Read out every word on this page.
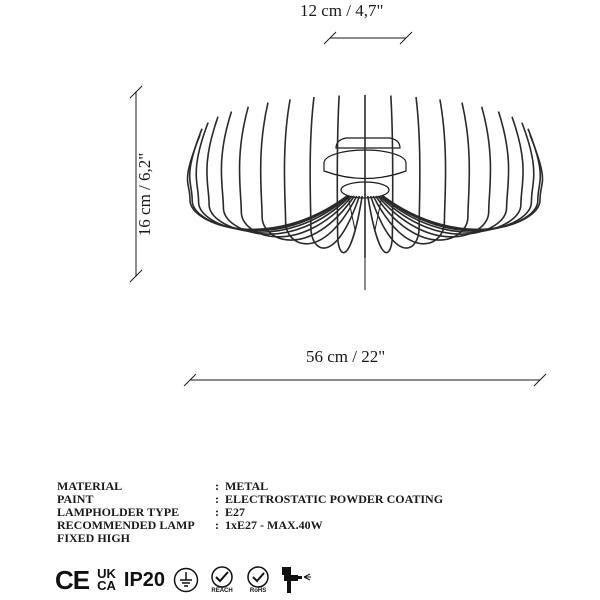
12 cm / 4,7"
16 cm / 6,2"
56 cm / 22"
MATERIAL	: METAL
PAINT	: ELECTROSTATIC POWDER COATING
LAMPHOLDER TYPE	: E27
RECOMMENDED LAMP	: 1xE27 - MAX.40W
FIXED HIGH
CE UK
CA IP20
REACH	RoHS
